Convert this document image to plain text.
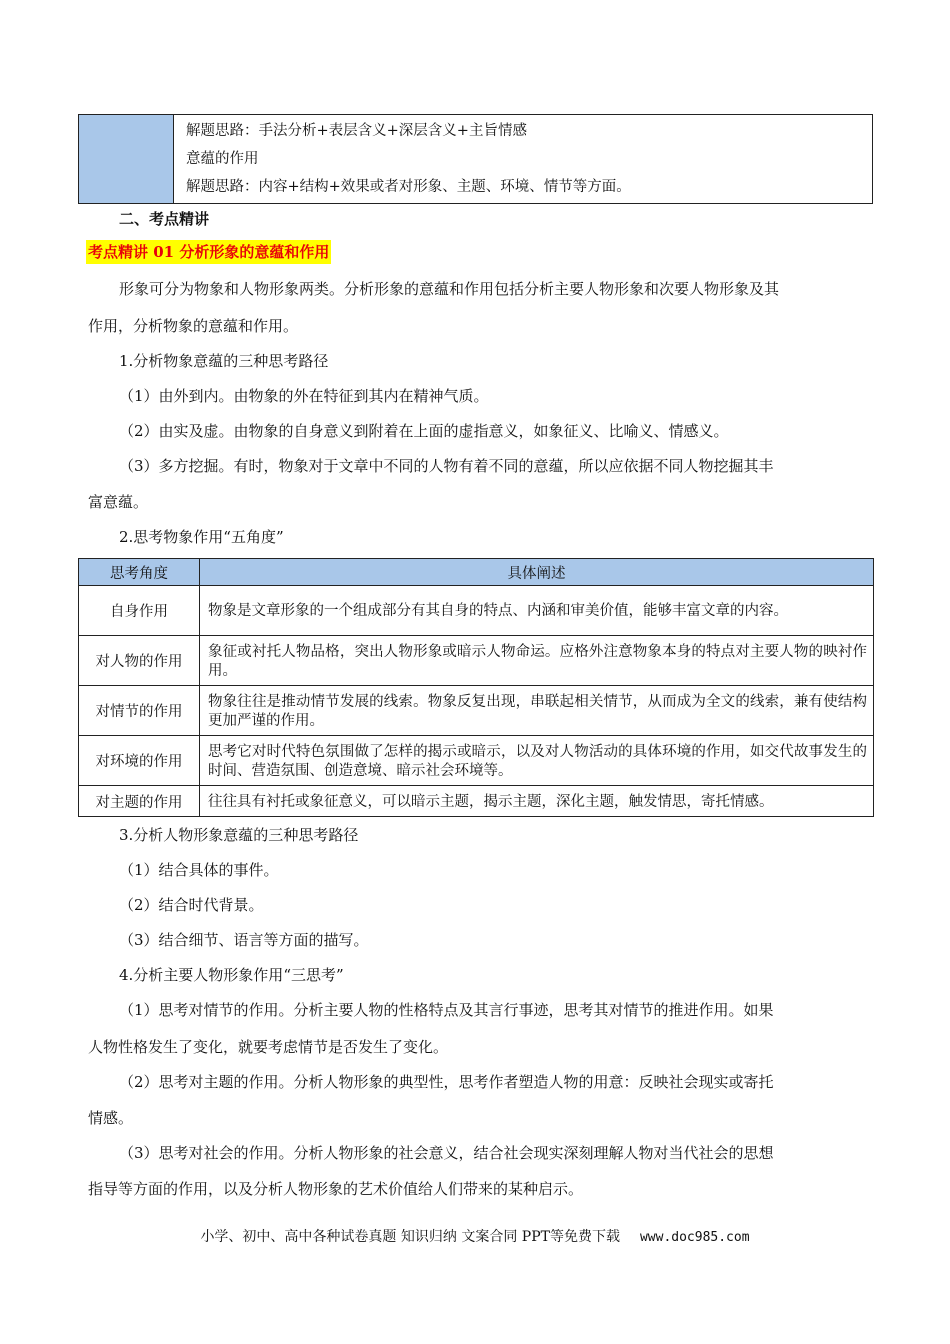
解题思路：手法分析+表层含义+深层含义+主旨情感
意蕴的作用
解题思路：内容+结构+效果或者对形象、主题、环境、情节等方面。
二、考点精讲
考点精讲 01 分析形象的意蕴和作用
形象可分为物象和人物形象两类。分析形象的意蕴和作用包括分析主要人物形象和次要人物形象及其
作用，分析物象的意蕴和作用。
1.分析物象意蕴的三种思考路径
（1）由外到内。由物象的外在特征到其内在精神气质。
（2）由实及虚。由物象的自身意义到附着在上面的虚指意义，如象征义、比喻义、情感义。
（3）多方挖掘。有时，物象对于文章中不同的人物有着不同的意蕴，所以应依据不同人物挖掘其丰
富意蕴。
2.思考物象作用“五角度”
思考角度	具体阐述
自身作用	物象是文章形象的一个组成部分有其自身的特点、内涵和审美价值，能够丰富文章的内容。
对人物的作用	象征或衬托人物品格，突出人物形象或暗示人物命运。应格外注意物象本身的特点对主要人物的映衬作用。
对情节的作用	物象往往是推动情节发展的线索。物象反复出现，串联起相关情节，从而成为全文的线索，兼有使结构更加严谨的作用。
对环境的作用	思考它对时代特色氛围做了怎样的揭示或暗示，以及对人物活动的具体环境的作用，如交代故事发生的时间、营造氛围、创造意境、暗示社会环境等。
对主题的作用	往往具有衬托或象征意义，可以暗示主题，揭示主题，深化主题，触发情思，寄托情感。
3.分析人物形象意蕴的三种思考路径
（1）结合具体的事件。
（2）结合时代背景。
（3）结合细节、语言等方面的描写。
4.分析主要人物形象作用“三思考”
（1）思考对情节的作用。分析主要人物的性格特点及其言行事迹，思考其对情节的推进作用。如果
人物性格发生了变化，就要考虑情节是否发生了变化。
（2）思考对主题的作用。分析人物形象的典型性，思考作者塑造人物的用意：反映社会现实或寄托
情感。
（3）思考对社会的作用。分析人物形象的社会意义，结合社会现实深刻理解人物对当代社会的思想
指导等方面的作用，以及分析人物形象的艺术价值给人们带来的某种启示。
小学、初中、高中各种试卷真题 知识归纳 文案合同 PPT等免费下载 www.doc985.com
